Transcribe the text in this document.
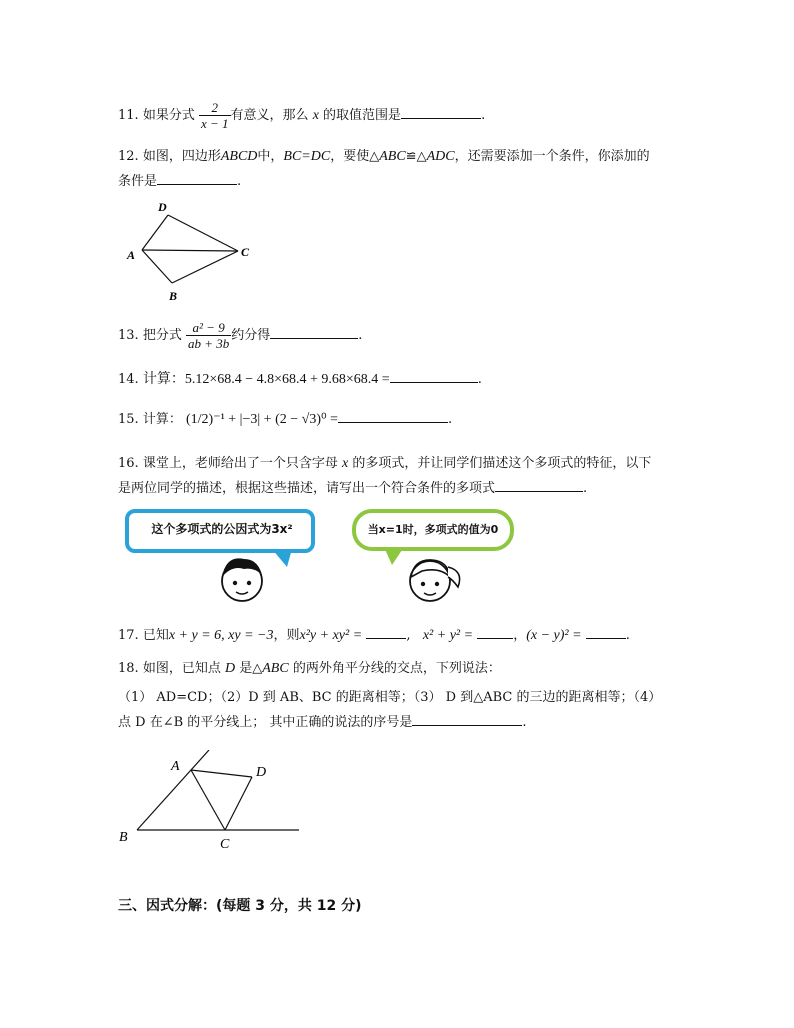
11. 如果分式 $\frac{2}{x - 1}$ 有意义，那么 x 的取值范围是	.
12. 如图，四边形ABCD中，BC=DC，要使△ABC≌△ADC，还需要添加一个条件，你添加的
条件是	.
D
A	C
B
13. 把分式 $\frac{\text{a² − 9}}{ab + 3b}$ 约分得	.
14. 计算：5.12×68.4 − 4.8×68.4 + 9.68×68.4 =	.
15. 计算： (1/2)⁻¹ + |−3| + (2 − √3)⁰ =	.
16. 课堂上，老师给出了一个只含字母 x 的多项式，并让同学们描述这个多项式的特征，以下
是两位同学的描述，根据这些描述，请写出一个符合条件的多项式	.
这个多项式的公因式为3x²	当x=1时，多项式的值为0
17. 已知x + y = 6, xy = −3，则x²y + xy² =	,   x² + y² =	，(x − y)² =	.
18. 如图，已知点 D 是△ABC 的两外角平分线的交点，下列说法：
（1） AD=CD；（2）D 到 AB、BC 的距离相等；（3） D 到△ABC 的三边的距离相等；（4）
点 D 在∠B 的平分线上； 其中正确的说法的序号是	.
A	D
B	C
三、因式分解：(每题 3 分，共 12 分)
